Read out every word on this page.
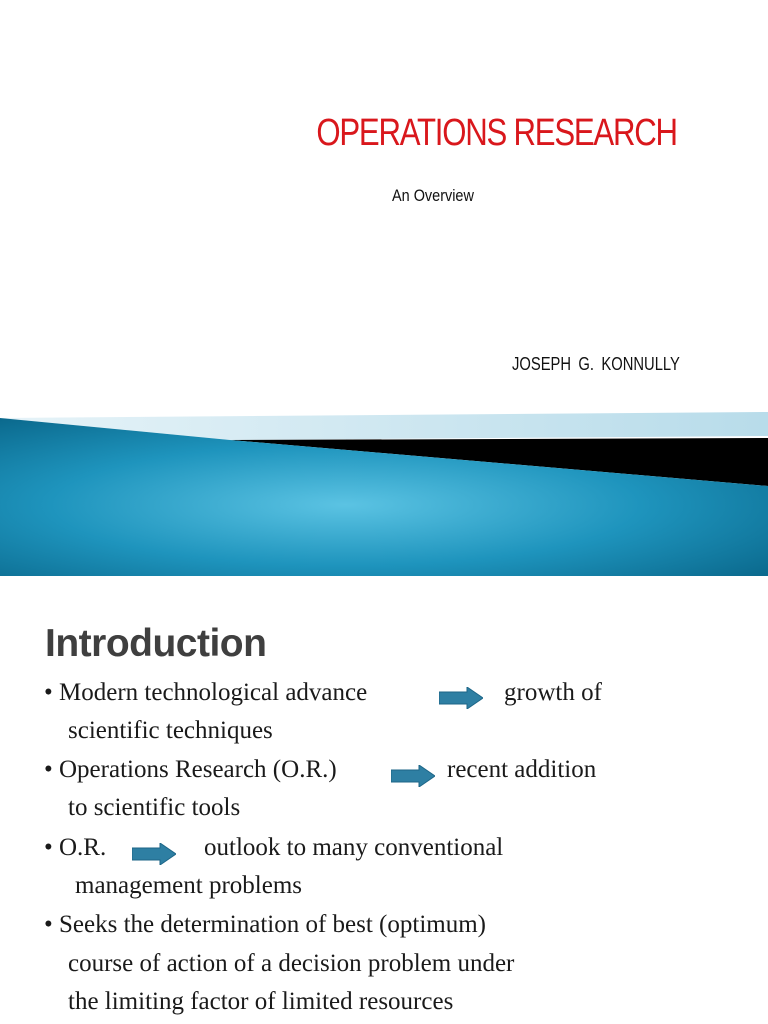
OPERATIONS RESEARCH
An Overview
JOSEPH G. KONNULLY
Introduction
• Modern technological advance	growth of
scientific techniques
• Operations Research (O.R.)	recent addition
to scientific tools
• O.R.	outlook to many conventional
management problems
• Seeks the determination of best (optimum)
course of action of a decision problem under
the limiting factor of limited resources
